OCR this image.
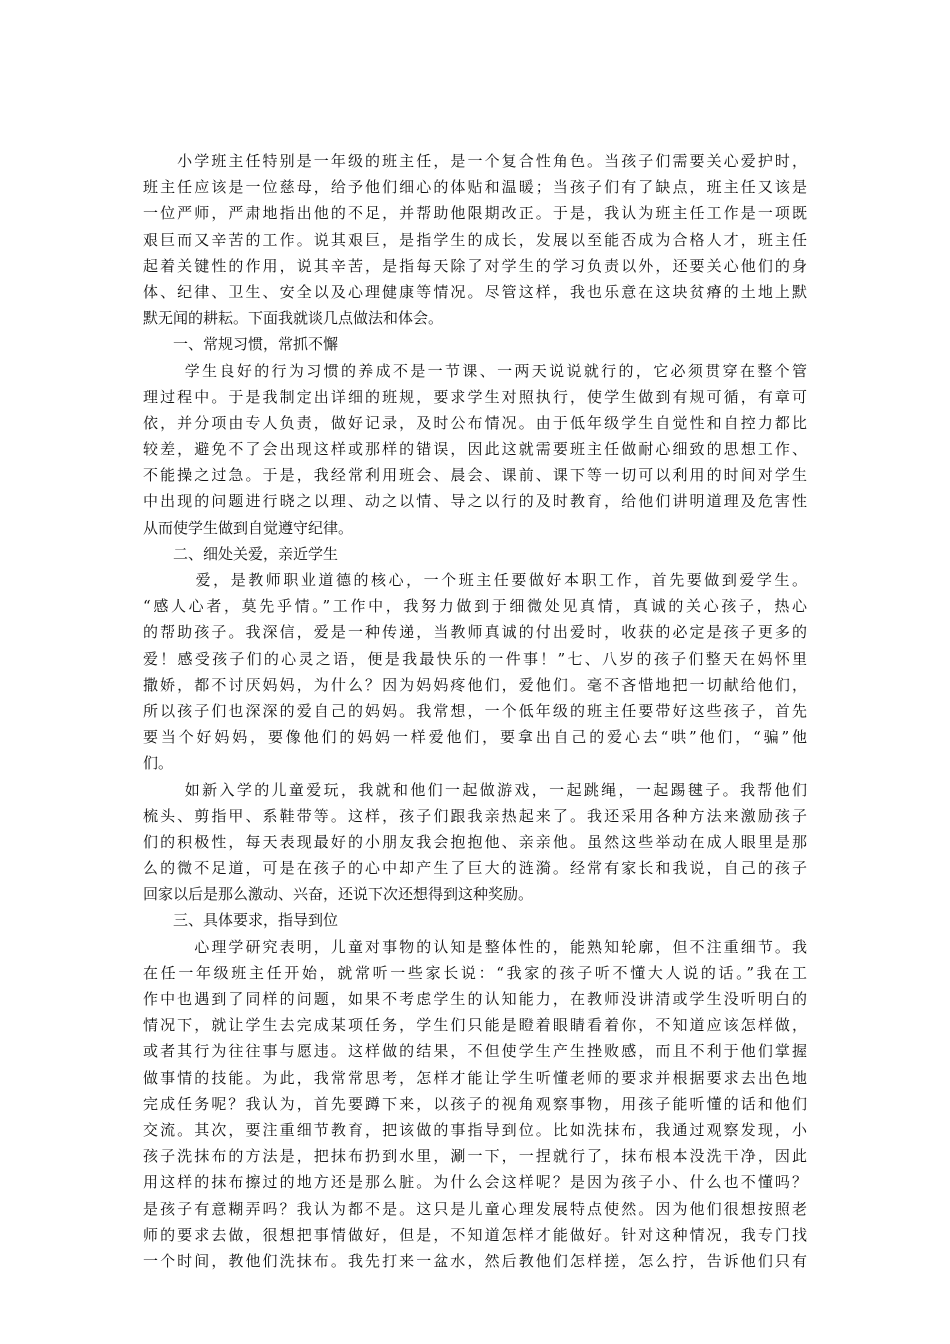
　　小学班主任特别是一年级的班主任，是一个复合性角色。当孩子们需要关心爱护时，
班主任应该是一位慈母，给予他们细心的体贴和温暖；当孩子们有了缺点，班主任又该是
一位严师，严肃地指出他的不足，并帮助他限期改正。于是，我认为班主任工作是一项既
艰巨而又辛苦的工作。说其艰巨，是指学生的成长，发展以至能否成为合格人才，班主任
起着关键性的作用，说其辛苦，是指每天除了对学生的学习负责以外，还要关心他们的身
体、纪律、卫生、安全以及心理健康等情况。尽管这样，我也乐意在这块贫瘠的土地上默
默无闻的耕耘。下面我就谈几点做法和体会。
　　一、常规习惯，常抓不懈
　　 学生良好的行为习惯的养成不是一节课、一两天说说就行的，它必须贯穿在整个管
理过程中。于是我制定出详细的班规，要求学生对照执行，使学生做到有规可循，有章可
依，并分项由专人负责，做好记录，及时公布情况。由于低年级学生自觉性和自控力都比
较差，避免不了会出现这样或那样的错误，因此这就需要班主任做耐心细致的思想工作、
不能操之过急。于是，我经常利用班会、晨会、课前、课下等一切可以利用的时间对学生
中出现的问题进行晓之以理、动之以情、导之以行的及时教育，给他们讲明道理及危害性
从而使学生做到自觉遵守纪律。
　　二、细处关爱，亲近学生
　　　爱，是教师职业道德的核心，一个班主任要做好本职工作，首先要做到爱学生。
“感人心者，莫先乎情。”工作中，我努力做到于细微处见真情，真诚的关心孩子，热心
的帮助孩子。我深信，爱是一种传递，当教师真诚的付出爱时，收获的必定是孩子更多的
爱！感受孩子们的心灵之语，便是我最快乐的一件事！”七、八岁的孩子们整天在妈怀里
撒娇，都不讨厌妈妈，为什么？因为妈妈疼他们，爱他们。毫不吝惜地把一切献给他们，
所以孩子们也深深的爱自己的妈妈。我常想，一个低年级的班主任要带好这些孩子，首先
要当个好妈妈，要像他们的妈妈一样爱他们，要拿出自己的爱心去“哄”他们，“骗”他
们。
　　 如新入学的儿童爱玩，我就和他们一起做游戏，一起跳绳，一起踢毽子。我帮他们
梳头、剪指甲、系鞋带等。这样，孩子们跟我亲热起来了。我还采用各种方法来激励孩子
们的积极性，每天表现最好的小朋友我会抱抱他、亲亲他。虽然这些举动在成人眼里是那
么的微不足道，可是在孩子的心中却产生了巨大的涟漪。经常有家长和我说，自己的孩子
回家以后是那么激动、兴奋，还说下次还想得到这种奖励。
　　三、具体要求，指导到位
　　　心理学研究表明，儿童对事物的认知是整体性的，能熟知轮廓，但不注重细节。我
在任一年级班主任开始，就常听一些家长说：“我家的孩子听不懂大人说的话。”我在工
作中也遇到了同样的问题，如果不考虑学生的认知能力，在教师没讲清或学生没听明白的
情况下，就让学生去完成某项任务，学生们只能是瞪着眼睛看着你，不知道应该怎样做，
或者其行为往往事与愿违。这样做的结果，不但使学生产生挫败感，而且不利于他们掌握
做事情的技能。为此，我常常思考，怎样才能让学生听懂老师的要求并根据要求去出色地
完成任务呢？我认为，首先要蹲下来，以孩子的视角观察事物，用孩子能听懂的话和他们
交流。其次，要注重细节教育，把该做的事指导到位。比如洗抹布，我通过观察发现，小
孩子洗抹布的方法是，把抹布扔到水里，涮一下，一捏就行了，抹布根本没洗干净，因此
用这样的抹布擦过的地方还是那么脏。为什么会这样呢？是因为孩子小、什么也不懂吗？
是孩子有意糊弄吗？我认为都不是。这只是儿童心理发展特点使然。因为他们很想按照老
师的要求去做，很想把事情做好，但是，不知道怎样才能做好。针对这种情况，我专门找
一个时间，教他们洗抹布。我先打来一盆水，然后教他们怎样搓，怎么拧，告诉他们只有
